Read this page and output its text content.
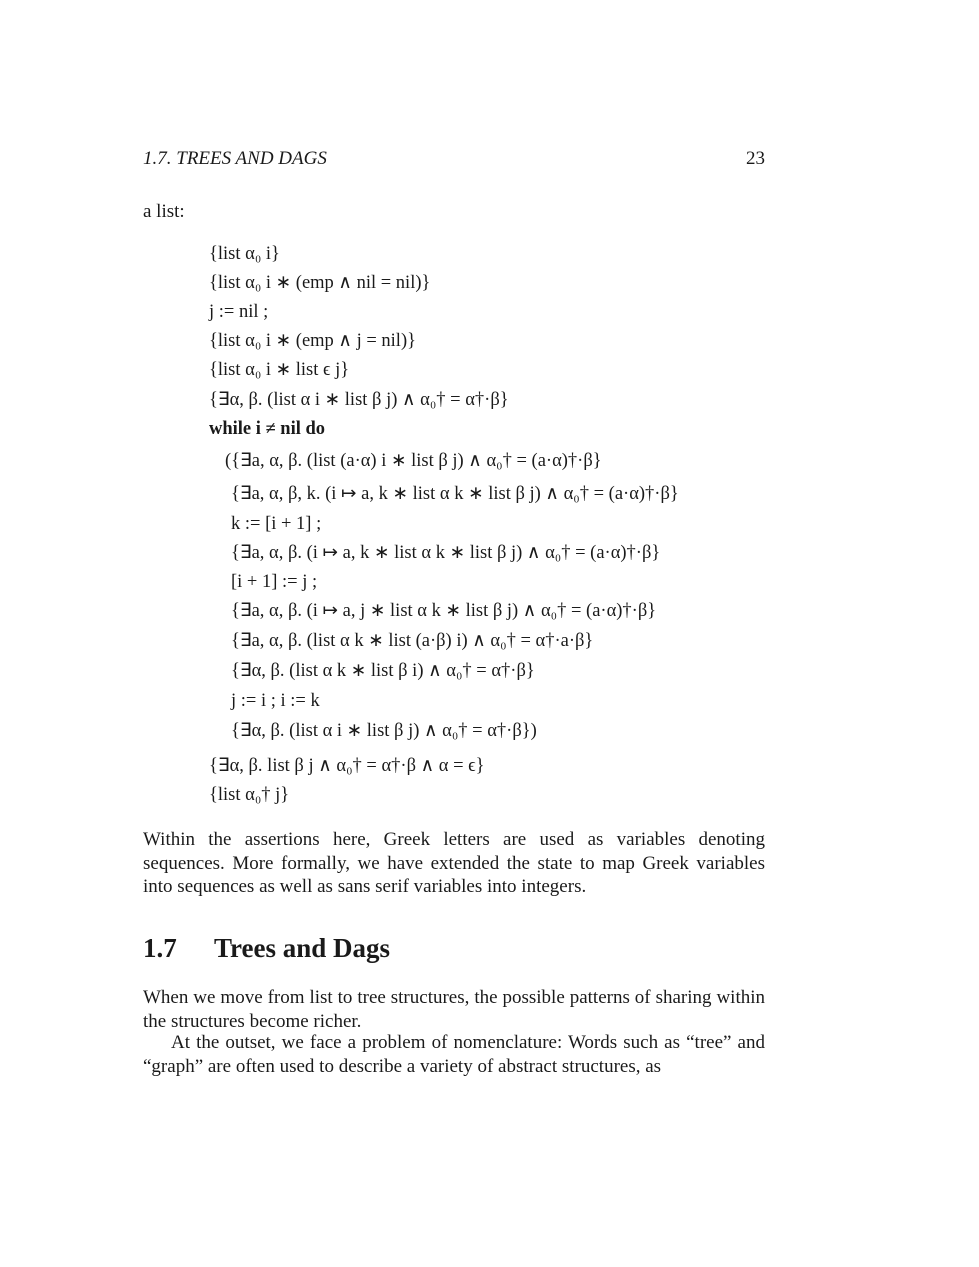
1.7. TREES AND DAGS	23
a list:
{list α₀ i}
{list α₀ i ∗ (emp ∧ nil = nil)}
j := nil ;
{list α₀ i ∗ (emp ∧ j = nil)}
{list α₀ i ∗ list ϵ j}
{∃α, β. (list α i ∗ list β j) ∧ α₀† = α†·β}
while i ≠ nil do
({∃a, α, β. (list (a·α) i ∗ list β j) ∧ α₀† = (a·α)†·β}
{∃a, α, β, k. (i ↦ a, k ∗ list α k ∗ list β j) ∧ α₀† = (a·α)†·β}
k := [i + 1] ;
{∃a, α, β. (i ↦ a, k ∗ list α k ∗ list β j) ∧ α₀† = (a·α)†·β}
[i + 1] := j ;
{∃a, α, β. (i ↦ a, j ∗ list α k ∗ list β j) ∧ α₀† = (a·α)†·β}
{∃a, α, β. (list α k ∗ list (a·β) i) ∧ α₀† = α†·a·β}
{∃α, β. (list α k ∗ list β i) ∧ α₀† = α†·β}
j := i ; i := k
{∃α, β. (list α i ∗ list β j) ∧ α₀† = α†·β})
{∃α, β. list β j ∧ α₀† = α†·β ∧ α = ϵ}
{list α₀† j}
Within the assertions here, Greek letters are used as variables denoting sequences. More formally, we have extended the state to map Greek variables into sequences as well as sans serif variables into integers.
1.7 Trees and Dags
When we move from list to tree structures, the possible patterns of sharing within the structures become richer.
At the outset, we face a problem of nomenclature: Words such as “tree” and “graph” are often used to describe a variety of abstract structures, as
